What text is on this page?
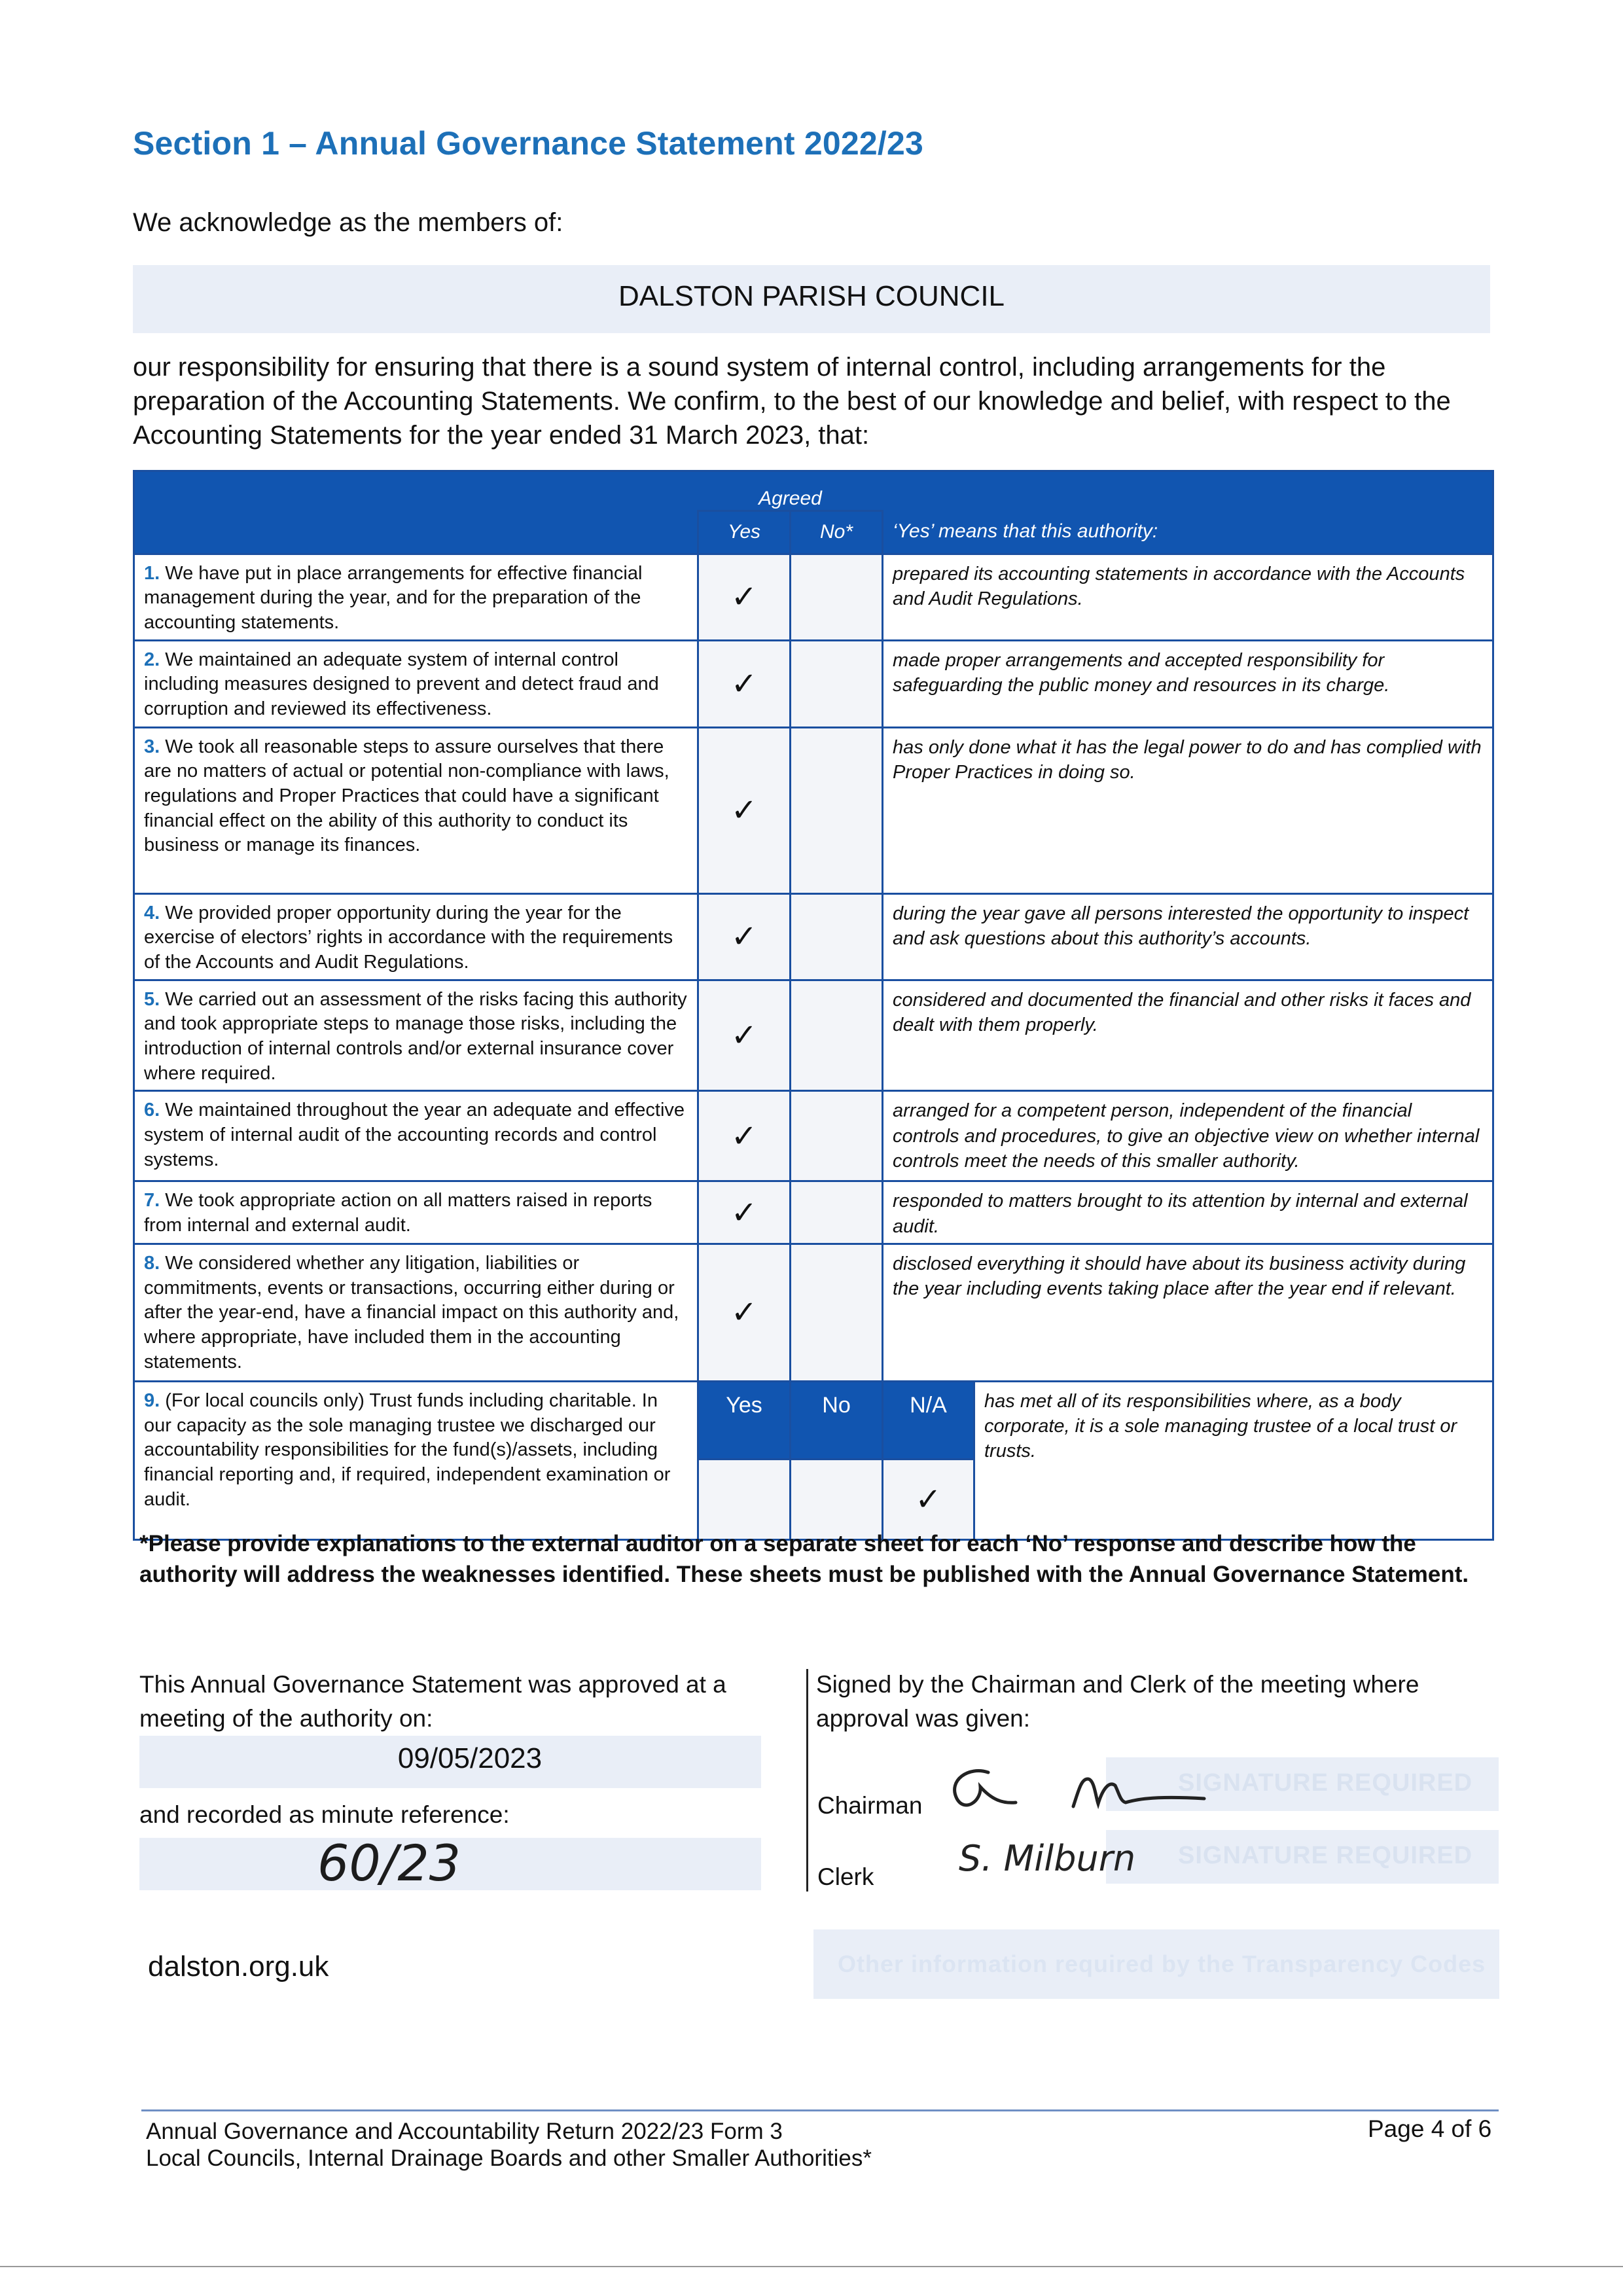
Section 1 – Annual Governance Statement 2022/23
We acknowledge as the members of:
DALSTON PARISH COUNCIL
our responsibility for ensuring that there is a sound system of internal control, including arrangements for the preparation of the Accounting Statements. We confirm, to the best of our knowledge and belief, with respect to the Accounting Statements for the year ended 31 March 2023, that:
	Agreed			
	Yes	No*	‘Yes’ means that this authority:	
1. We have put in place arrangements for effective financial management during the year, and for the preparation of the accounting statements.	✓		prepared its accounting statements in accordance with the Accounts and Audit Regulations.	
2. We maintained an adequate system of internal control including measures designed to prevent and detect fraud and corruption and reviewed its effectiveness.	✓		made proper arrangements and accepted responsibility for safeguarding the public money and resources in its charge.	
3. We took all reasonable steps to assure ourselves that there are no matters of actual or potential non-compliance with laws, regulations and Proper Practices that could have a significant financial effect on the ability of this authority to conduct its business or manage its finances.	✓		has only done what it has the legal power to do and has complied with Proper Practices in doing so.	
4. We provided proper opportunity during the year for the exercise of electors’ rights in accordance with the requirements of the Accounts and Audit Regulations.	✓		during the year gave all persons interested the opportunity to inspect and ask questions about this authority’s accounts.	
5. We carried out an assessment of the risks facing this authority and took appropriate steps to manage those risks, including the introduction of internal controls and/or external insurance cover where required.	✓		considered and documented the financial and other risks it faces and dealt with them properly.	
6. We maintained throughout the year an adequate and effective system of internal audit of the accounting records and control systems.	✓		arranged for a competent person, independent of the financial controls and procedures, to give an objective view on whether internal controls meet the needs of this smaller authority.	
7. We took appropriate action on all matters raised in reports from internal and external audit.	✓		responded to matters brought to its attention by internal and external audit.	
8. We considered whether any litigation, liabilities or commitments, events or transactions, occurring either during or after the year-end, have a financial impact on this authority and, where appropriate, have included them in the accounting statements.	✓		disclosed everything it should have about its business activity during the year including events taking place after the year end if relevant.	
9. (For local councils only) Trust funds including charitable. In our capacity as the sole managing trustee we discharged our accountability responsibilities for the fund(s)/assets, including financial reporting and, if required, independent examination or audit.	Yes	No	N/A	has met all of its responsibilities where, as a body corporate, it is a sole managing trustee of a local trust or trusts.
			✓	
*Please provide explanations to the external auditor on a separate sheet for each ‘No’ response and describe how the authority will address the weaknesses identified. These sheets must be published with the Annual Governance Statement.
This Annual Governance Statement was approved at a meeting of the authority on:
09/05/2023
and recorded as minute reference:
60/23
Signed by the Chairman and Clerk of the meeting where approval was given:
Chairman
SIGNATURE REQUIRED
Clerk
SIGNATURE REQUIRED
S. Milburn
Other information required by the Transparency Codes
dalston.org.uk
Annual Governance and Accountability Return 2022/23 Form 3
Local Councils, Internal Drainage Boards and other Smaller Authorities*
Page 4 of 6
